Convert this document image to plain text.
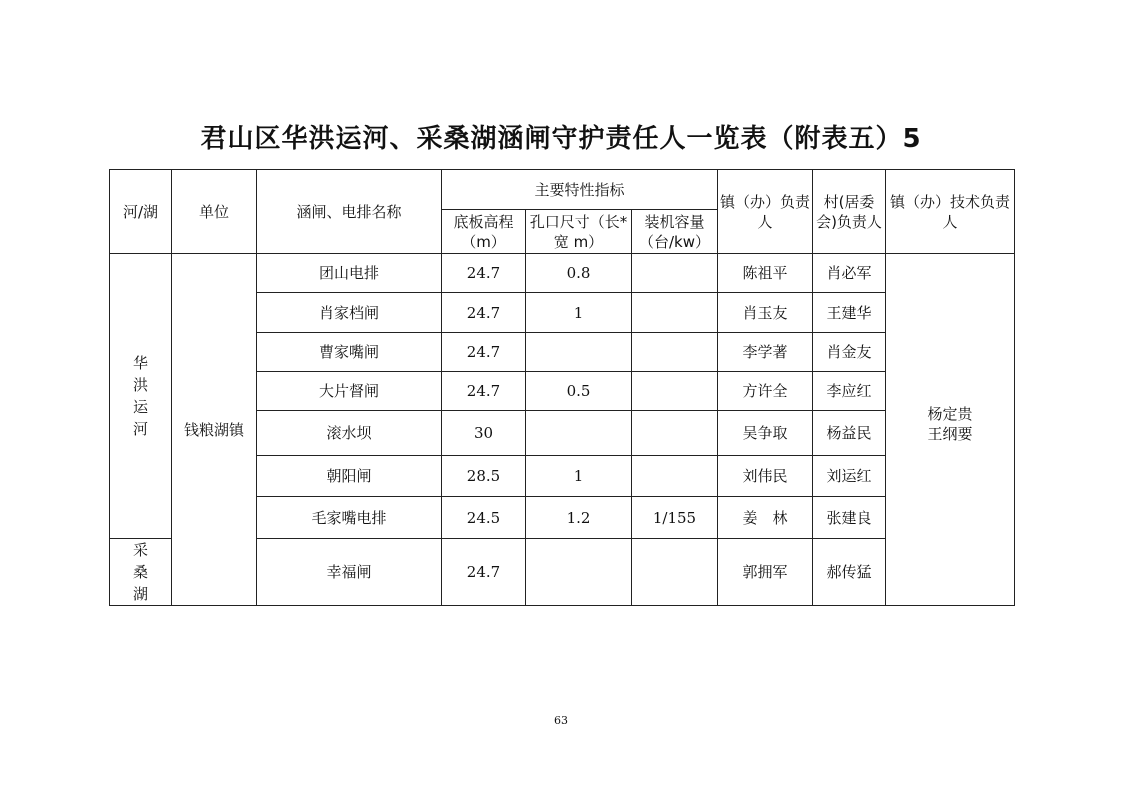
君山区华洪运河、采桑湖涵闸守护责任人一览表（附表五）5
河/湖	单位	涵闸、电排名称	主要特性指标			镇（办）负责人	村(居委会)负责人	镇（办）技术负责人
			底板高程（m）	孔口尺寸（长*宽 m）	装机容量（台/kw）			
华洪运河	钱粮湖镇	团山电排	24.7	0.8		陈祖平	肖必军	杨定贵
王纲要
		肖家档闸	24.7	1		肖玉友	王建华	
		曹家嘴闸	24.7			李学著	肖金友	
		大片督闸	24.7	0.5		方许全	李应红	
		滚水坝	30			吴争取	杨益民	
		朝阳闸	28.5	1		刘伟民	刘运红	
		毛家嘴电排	24.5	1.2	1/155	姜　林	张建良	
采桑湖		幸福闸	24.7			郭拥军	郝传猛	
63
